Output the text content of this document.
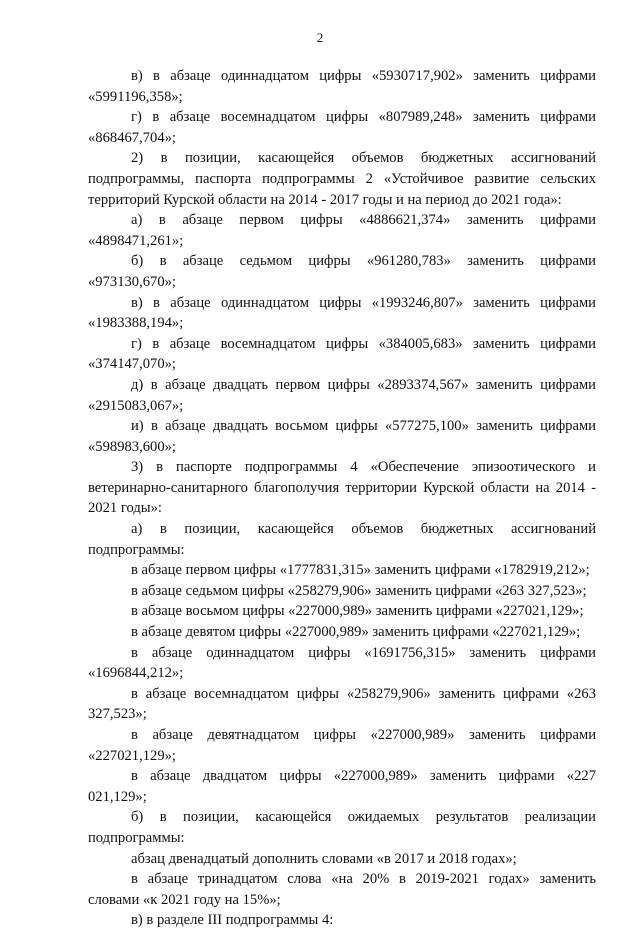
2

в) в абзаце одиннадцатом цифры «5930717,902» заменить цифрами «5991196,358»;

г) в абзаце восемнадцатом цифры «807989,248» заменить цифрами «868467,704»;

2) в позиции, касающейся объемов бюджетных ассигнований подпрограммы, паспорта подпрограммы 2 «Устойчивое развитие сельских территорий Курской области на 2014 - 2017 годы и на период до 2021 года»:

а) в абзаце первом цифры «4886621,374» заменить цифрами «4898471,261»;

б) в абзаце седьмом цифры «961280,783» заменить цифрами «973130,670»;

в) в абзаце одиннадцатом цифры «1993246,807» заменить цифрами «1983388,194»;

г) в абзаце восемнадцатом цифры «384005,683» заменить цифрами «374147,070»;

д) в абзаце двадцать первом цифры «2893374,567» заменить цифрами «2915083,067»;

и) в абзаце двадцать восьмом цифры «577275,100» заменить цифрами «598983,600»;

3) в паспорте подпрограммы 4 «Обеспечение эпизоотического и ветеринарно-санитарного благополучия территории Курской области на 2014 - 2021 годы»:

а) в позиции, касающейся объемов бюджетных ассигнований подпрограммы:

в абзаце первом цифры «1777831,315» заменить цифрами «1782919,212»;

в абзаце седьмом цифры «258279,906» заменить цифрами «263 327,523»;

в абзаце восьмом цифры «227000,989» заменить цифрами «227021,129»;

в абзаце девятом цифры «227000,989» заменить цифрами «227021,129»;

в абзаце одиннадцатом цифры «1691756,315» заменить цифрами «1696844,212»;

в абзаце восемнадцатом цифры «258279,906» заменить цифрами «263 327,523»;

в абзаце девятнадцатом цифры «227000,989» заменить цифрами «227021,129»;

в абзаце двадцатом цифры «227000,989» заменить цифрами «227 021,129»;

б) в позиции, касающейся ожидаемых результатов реализации подпрограммы:

абзац двенадцатый дополнить словами «в 2017 и 2018 годах»;

в абзаце тринадцатом слова «на 20% в 2019-2021 годах» заменить словами «к 2021 году на 15%»;

в) в разделе III подпрограммы 4:
